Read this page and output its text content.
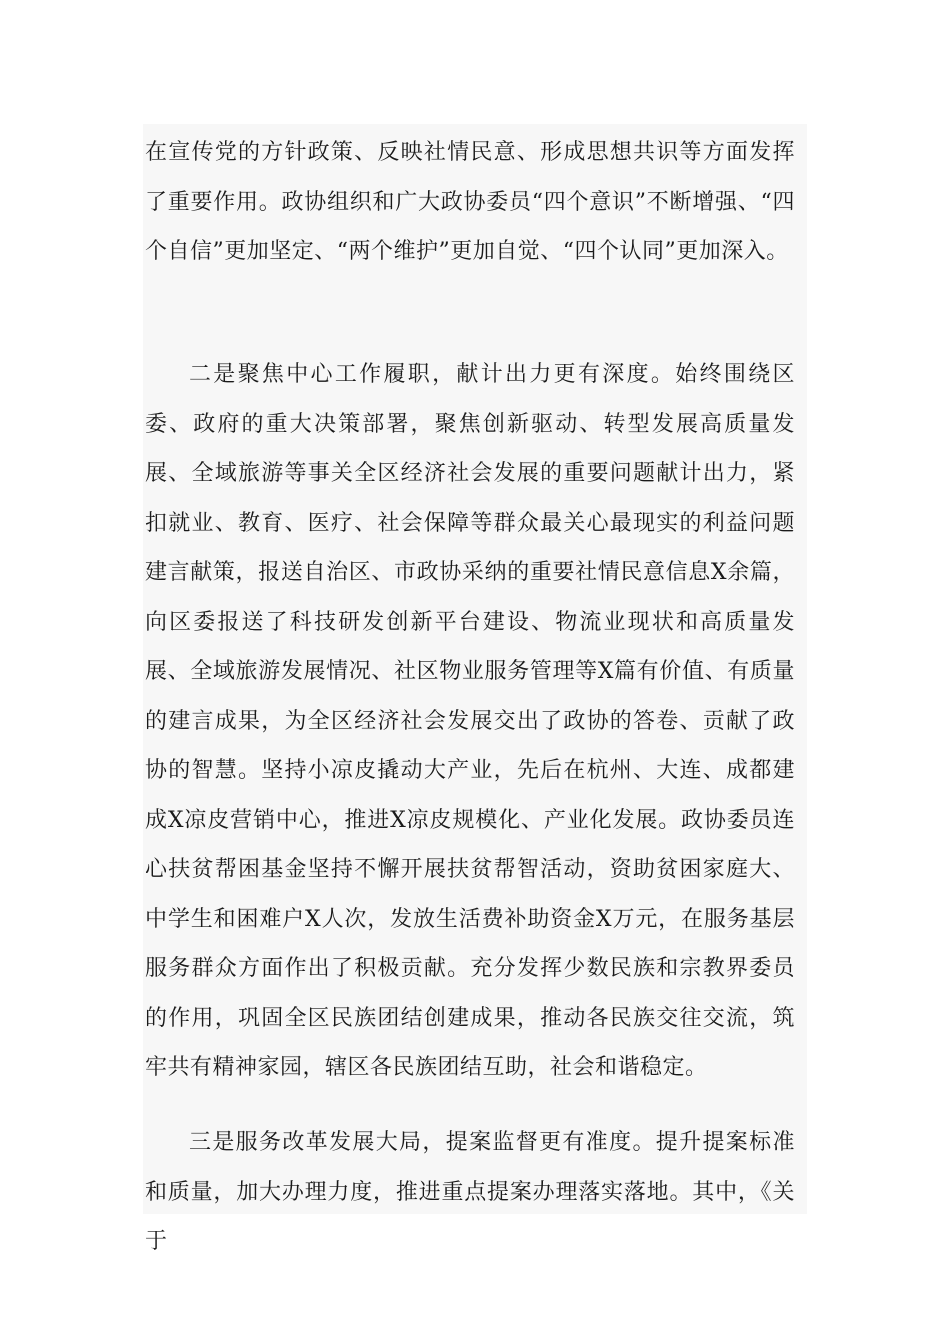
在宣传党的方针政策、反映社情民意、形成思想共识等方面发挥了重要作用。政协组织和广大政协委员“四个意识”不断增强、“四个自信”更加坚定、“两个维护”更加自觉、“四个认同”更加深入。

二是聚焦中心工作履职，献计出力更有深度。始终围绕区委、政府的重大决策部署，聚焦创新驱动、转型发展高质量发展、全域旅游等事关全区经济社会发展的重要问题献计出力，紧扣就业、教育、医疗、社会保障等群众最关心最现实的利益问题建言献策，报送自治区、市政协采纳的重要社情民意信息X余篇，向区委报送了科技研发创新平台建设、物流业现状和高质量发展、全域旅游发展情况、社区物业服务管理等X篇有价值、有质量的建言成果，为全区经济社会发展交出了政协的答卷、贡献了政协的智慧。坚持小凉皮撬动大产业，先后在杭州、大连、成都建成X凉皮营销中心，推进X凉皮规模化、产业化发展。政协委员连心扶贫帮困基金坚持不懈开展扶贫帮智活动，资助贫困家庭大、中学生和困难户X人次，发放生活费补助资金X万元，在服务基层服务群众方面作出了积极贡献。充分发挥少数民族和宗教界委员的作用，巩固全区民族团结创建成果，推动各民族交往交流，筑牢共有精神家园，辖区各民族团结互助，社会和谐稳定。

三是服务改革发展大局，提案监督更有准度。提升提案标准和质量，加大办理力度，推进重点提案办理落实落地。其中，《关于
